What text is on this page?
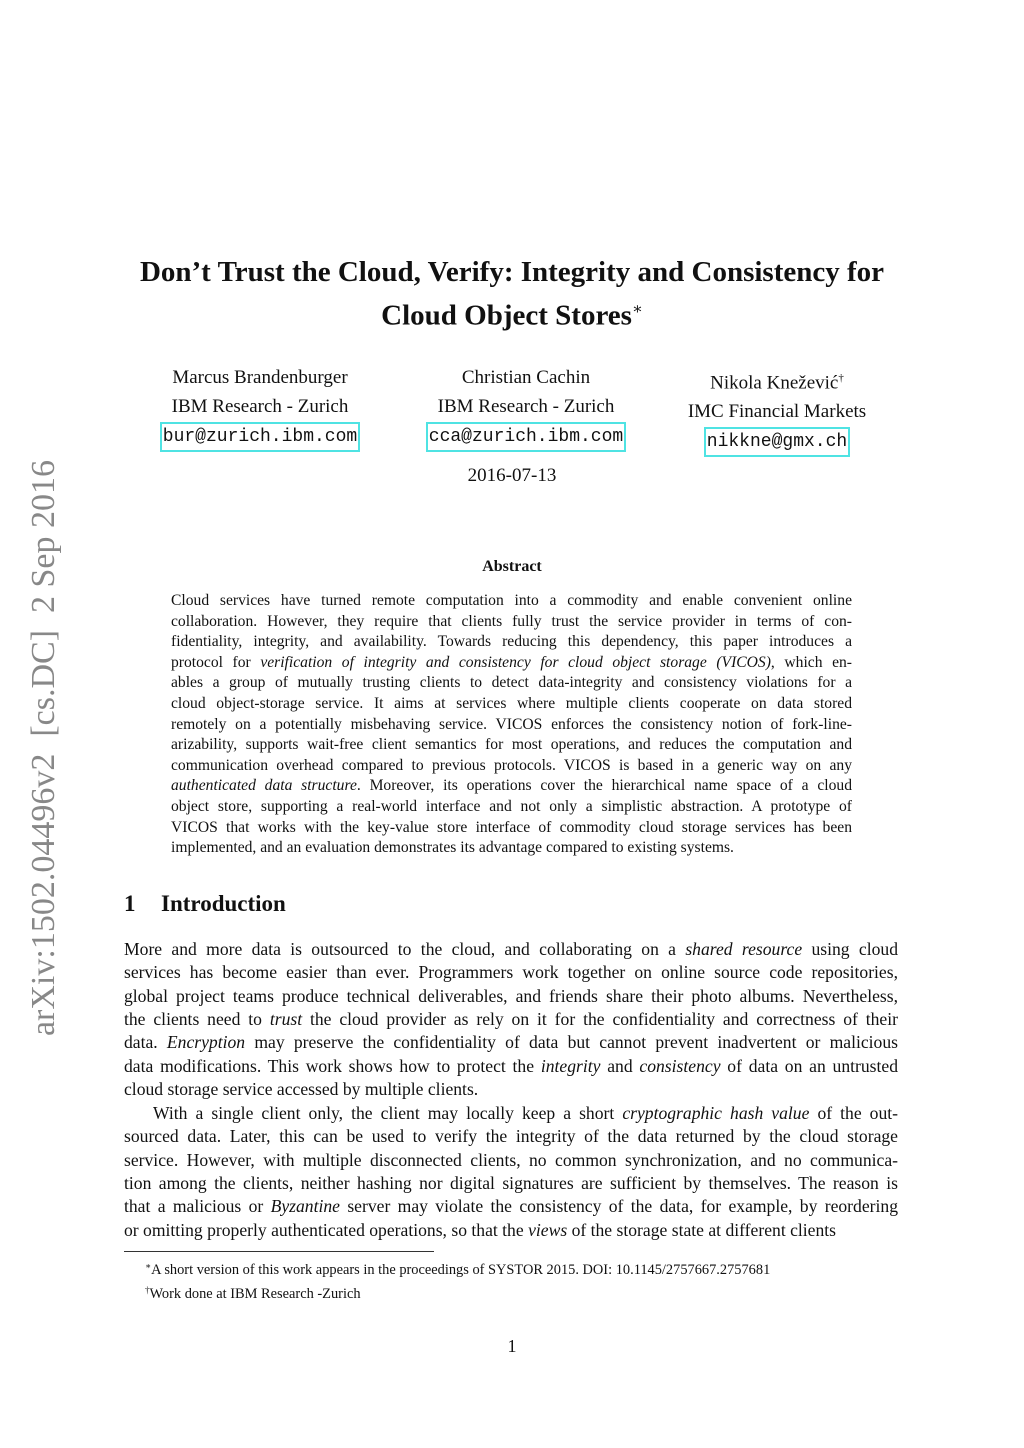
arXiv:1502.04496v2  [cs.DC]  2 Sep 2016
Don’t Trust the Cloud, Verify: Integrity and Consistency for
Cloud Object Stores∗
Marcus Brandenburger
IBM Research - Zurich
bur@zurich.ibm.com
Christian Cachin
IBM Research - Zurich
cca@zurich.ibm.com
Nikola Knežević†
IMC Financial Markets
nikkne@gmx.ch
2016-07-13
Abstract
Cloud services have turned remote computation into a commodity and enable convenient online
collaboration. However, they require that clients fully trust the service provider in terms of con-
fidentiality, integrity, and availability. Towards reducing this dependency, this paper introduces a
protocol for verification of integrity and consistency for cloud object storage (VICOS), which en-
ables a group of mutually trusting clients to detect data-integrity and consistency violations for a
cloud object-storage service. It aims at services where multiple clients cooperate on data stored
remotely on a potentially misbehaving service. VICOS enforces the consistency notion of fork-line-
arizability, supports wait-free client semantics for most operations, and reduces the computation and
communication overhead compared to previous protocols. VICOS is based in a generic way on any
authenticated data structure. Moreover, its operations cover the hierarchical name space of a cloud
object store, supporting a real-world interface and not only a simplistic abstraction. A prototype of
VICOS that works with the key-value store interface of commodity cloud storage services has been
implemented, and an evaluation demonstrates its advantage compared to existing systems.
1 Introduction
More and more data is outsourced to the cloud, and collaborating on a shared resource using cloud
services has become easier than ever. Programmers work together on online source code repositories,
global project teams produce technical deliverables, and friends share their photo albums. Nevertheless,
the clients need to trust the cloud provider as rely on it for the confidentiality and correctness of their
data. Encryption may preserve the confidentiality of data but cannot prevent inadvertent or malicious
data modifications. This work shows how to protect the integrity and consistency of data on an untrusted
cloud storage service accessed by multiple clients.
With a single client only, the client may locally keep a short cryptographic hash value of the out-
sourced data. Later, this can be used to verify the integrity of the data returned by the cloud storage
service. However, with multiple disconnected clients, no common synchronization, and no communica-
tion among the clients, neither hashing nor digital signatures are sufficient by themselves. The reason is
that a malicious or Byzantine server may violate the consistency of the data, for example, by reordering
or omitting properly authenticated operations, so that the views of the storage state at different clients
∗A short version of this work appears in the proceedings of SYSTOR 2015. DOI: 10.1145/2757667.2757681
†Work done at IBM Research -Zurich
1
